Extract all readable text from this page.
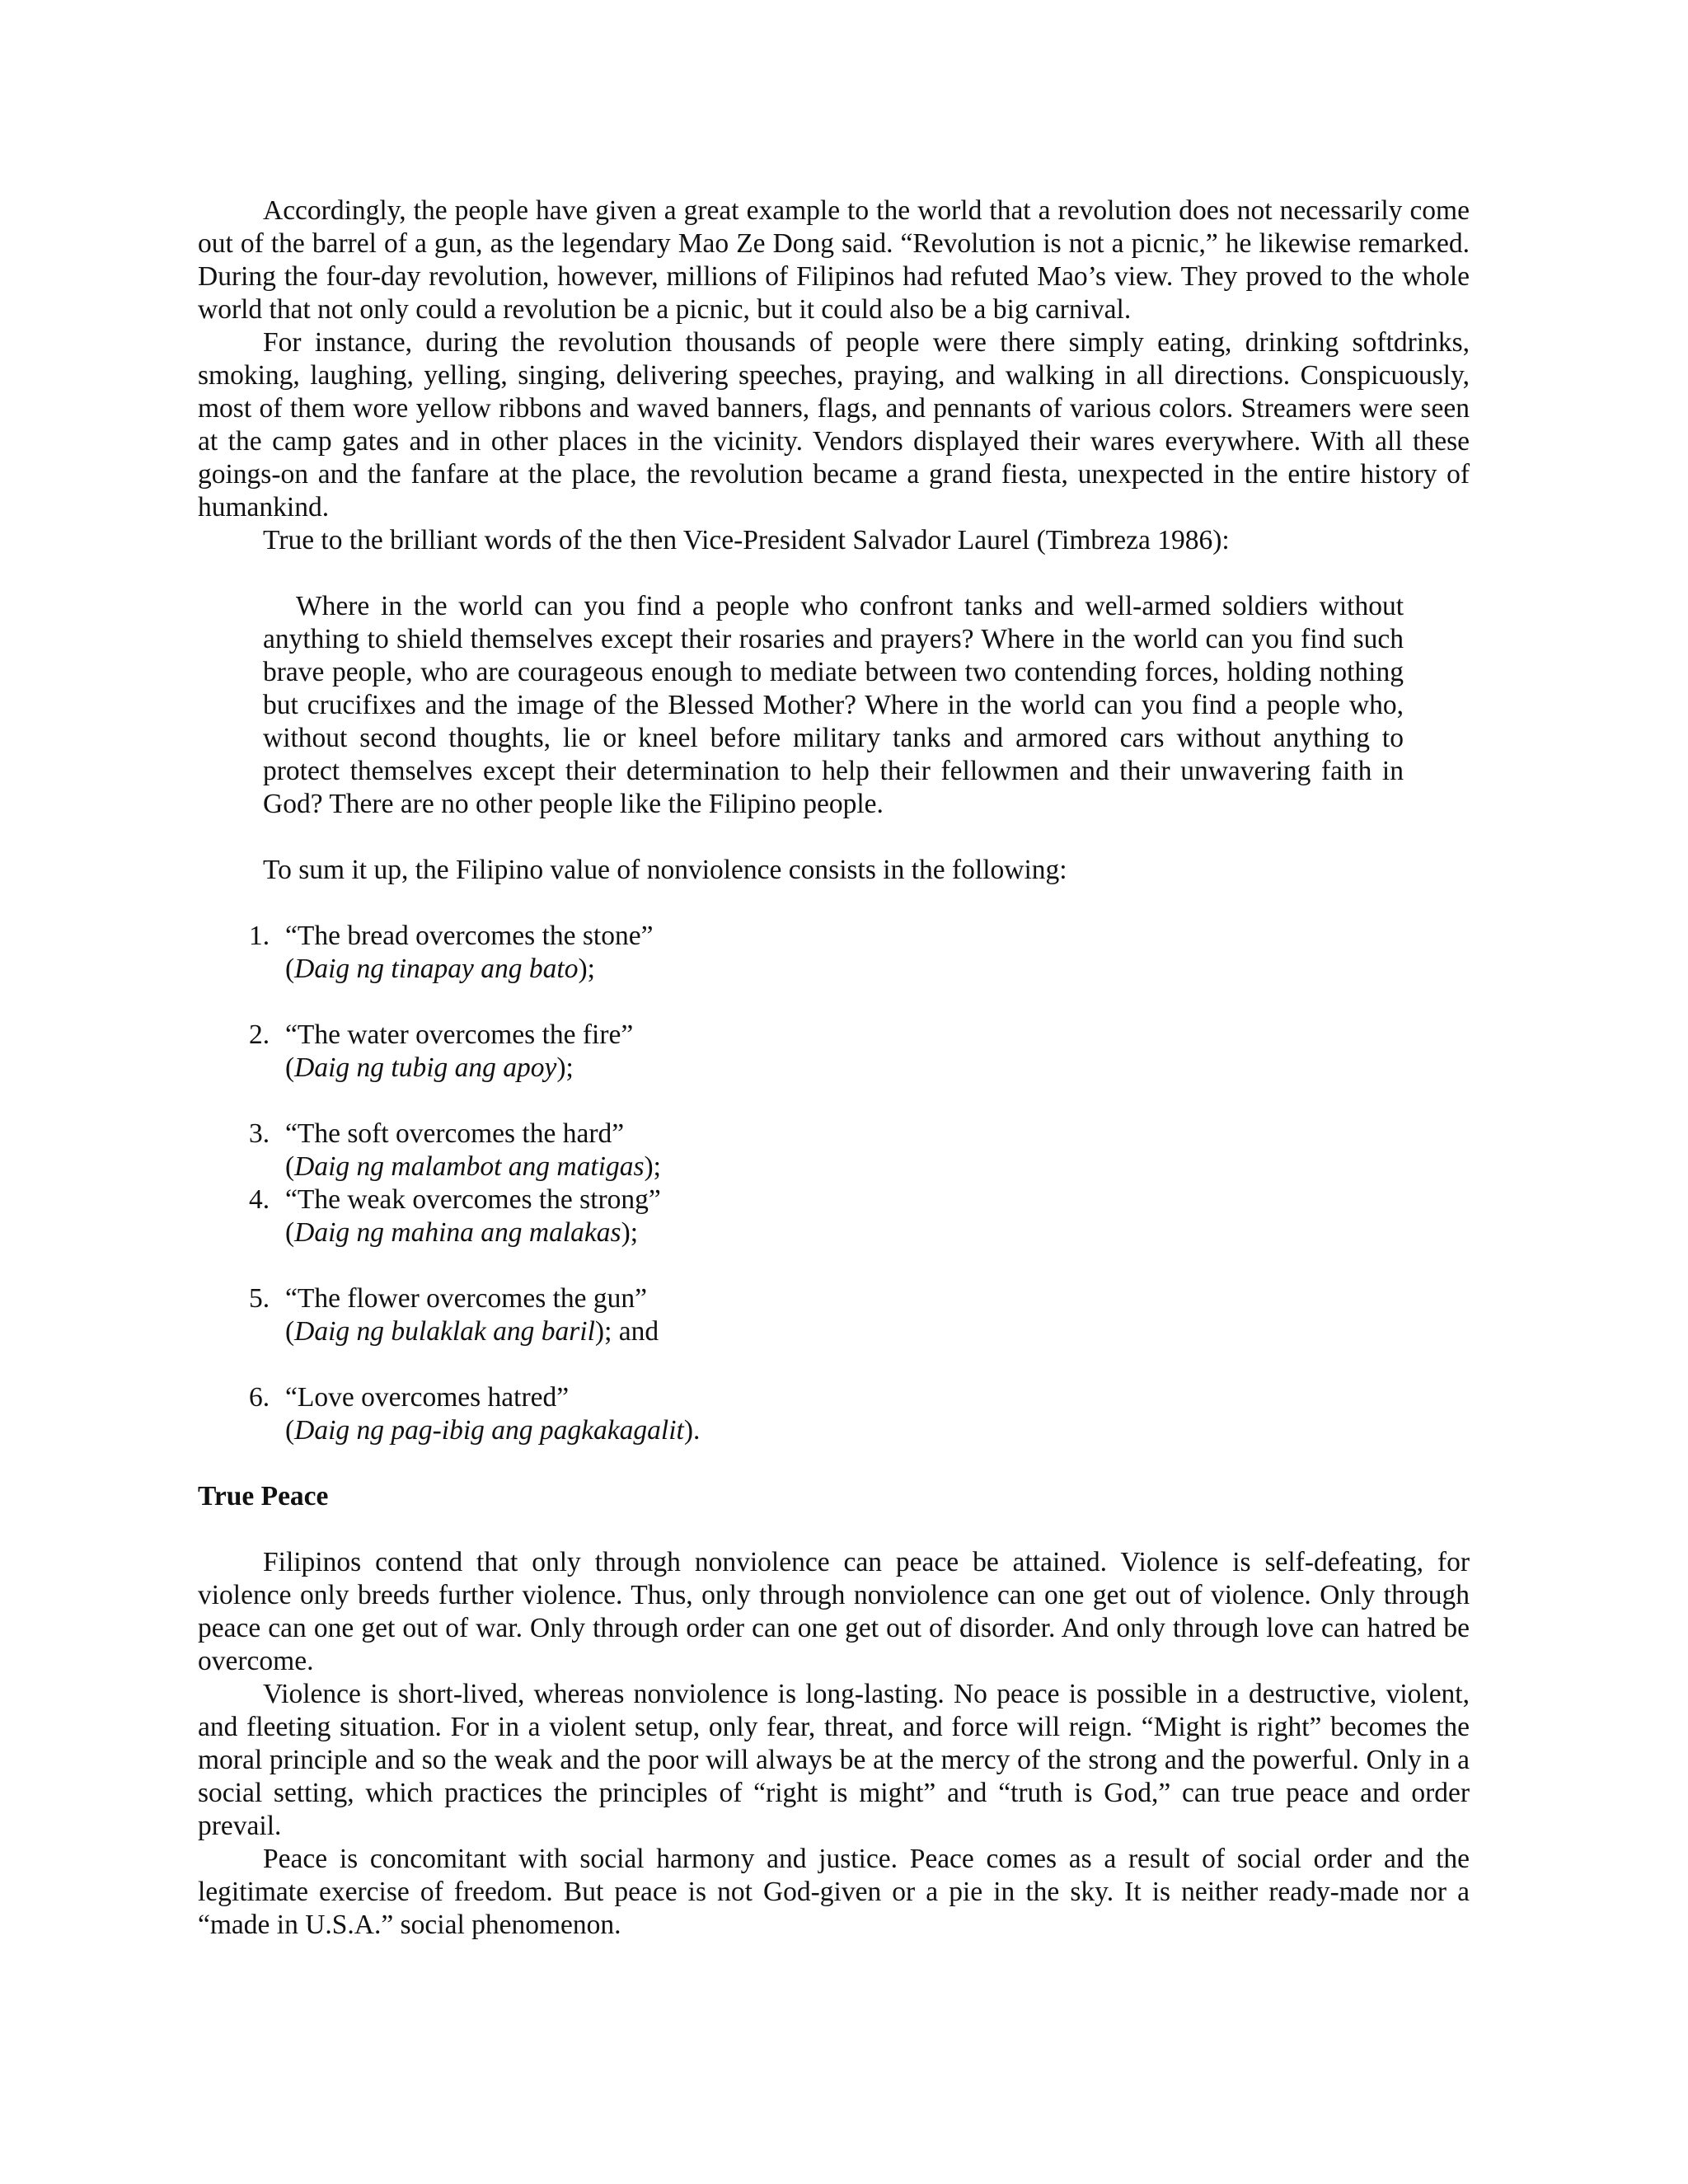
Accordingly, the people have given a great example to the world that a revolution does not necessarily come out of the barrel of a gun, as the legendary Mao Ze Dong said. “Revolution is not a picnic,” he likewise remarked. During the four-day revolution, however, millions of Filipinos had refuted Mao’s view. They proved to the whole world that not only could a revolution be a picnic, but it could also be a big carnival.

For instance, during the revolution thousands of people were there simply eating, drinking softdrinks, smoking, laughing, yelling, singing, delivering speeches, praying, and walking in all directions. Conspicuously, most of them wore yellow ribbons and waved banners, flags, and pennants of various colors. Streamers were seen at the camp gates and in other places in the vicinity. Vendors displayed their wares everywhere. With all these goings-on and the fanfare at the place, the revolution became a grand fiesta, unexpected in the entire history of humankind.

True to the brilliant words of the then Vice-President Salvador Laurel (Timbreza 1986):

Where in the world can you find a people who confront tanks and well-armed soldiers without anything to shield themselves except their rosaries and prayers? Where in the world can you find such brave people, who are courageous enough to mediate between two contending forces, holding nothing but crucifixes and the image of the Blessed Mother? Where in the world can you find a people who, without second thoughts, lie or kneel before military tanks and armored cars without anything to protect themselves except their determination to help their fellowmen and their unwavering faith in God? There are no other people like the Filipino people.

To sum it up, the Filipino value of nonviolence consists in the following:

1. “The bread overcomes the stone”
(Daig ng tinapay ang bato);
2. “The water overcomes the fire”
(Daig ng tubig ang apoy);
3. “The soft overcomes the hard”
(Daig ng malambot ang matigas);
4. “The weak overcomes the strong”
(Daig ng mahina ang malakas);
5. “The flower overcomes the gun”
(Daig ng bulaklak ang baril); and
6. “Love overcomes hatred”
(Daig ng pag-ibig ang pagkakagalit).
True Peace

Filipinos contend that only through nonviolence can peace be attained. Violence is self-defeating, for violence only breeds further violence. Thus, only through nonviolence can one get out of violence. Only through peace can one get out of war. Only through order can one get out of disorder. And only through love can hatred be overcome.

Violence is short-lived, whereas nonviolence is long-lasting. No peace is possible in a destructive, violent, and fleeting situation. For in a violent setup, only fear, threat, and force will reign. “Might is right” becomes the moral principle and so the weak and the poor will always be at the mercy of the strong and the powerful. Only in a social setting, which practices the principles of “right is might” and “truth is God,” can true peace and order prevail.

Peace is concomitant with social harmony and justice. Peace comes as a result of social order and the legitimate exercise of freedom. But peace is not God-given or a pie in the sky. It is neither ready-made nor a “made in U.S.A.” social phenomenon.
